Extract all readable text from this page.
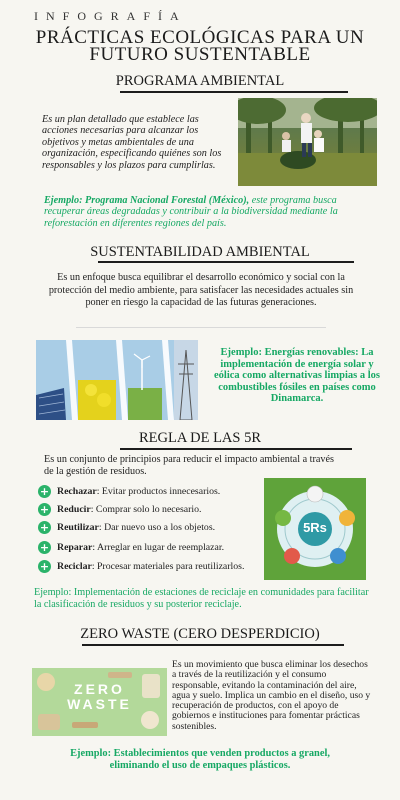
INFOGRAFÍA
PRÁCTICAS ECOLÓGICAS PARA UN
FUTURO SUSTENTABLE
PROGRAMA AMBIENTAL
Es un plan detallado que establece las acciones necesarias para alcanzar los objetivos y metas ambientales de una organización, especificando quiénes son los responsables y los plazos para cumplirlas.
Ejemplo: Programa Nacional Forestal (México), este programa busca recuperar áreas degradadas y contribuir a la biodiversidad mediante la reforestación en diferentes regiones del país.
SUSTENTABILIDAD AMBIENTAL
Es un enfoque busca equilibrar el desarrollo económico y social con la protección del medio ambiente, para satisfacer las necesidades actuales sin poner en riesgo la capacidad de las futuras generaciones.
Ejemplo: Energías renovables: La implementación de energía solar y eólica como alternativas limpias a los combustibles fósiles en países como Dinamarca.
REGLA DE LAS 5R
Es un conjunto de principios para reducir el impacto ambiental a través de la gestión de residuos.
+ Rechazar: Evitar productos innecesarios.
+ Reducir: Comprar solo lo necesario.
+ Reutilizar: Dar nuevo uso a los objetos.
+ Reparar: Arreglar en lugar de reemplazar.
+ Reciclar: Procesar materiales para reutilizarlos.
5Rs
Ejemplo: Implementación de estaciones de reciclaje en comunidades para facilitar la clasificación de residuos y su posterior reciclaje.
ZERO WASTE (CERO DESPERDICIO)
Es un movimiento que busca eliminar los desechos a través de la reutilización y el consumo responsable, evitando la contaminación del aire, agua y suelo. Implica un cambio en el diseño, uso y recuperación de productos, con el apoyo de gobiernos e instituciones para fomentar prácticas sostenibles.
ZERO
WASTE
Ejemplo: Establecimientos que venden productos a granel, eliminando el uso de empaques plásticos.
